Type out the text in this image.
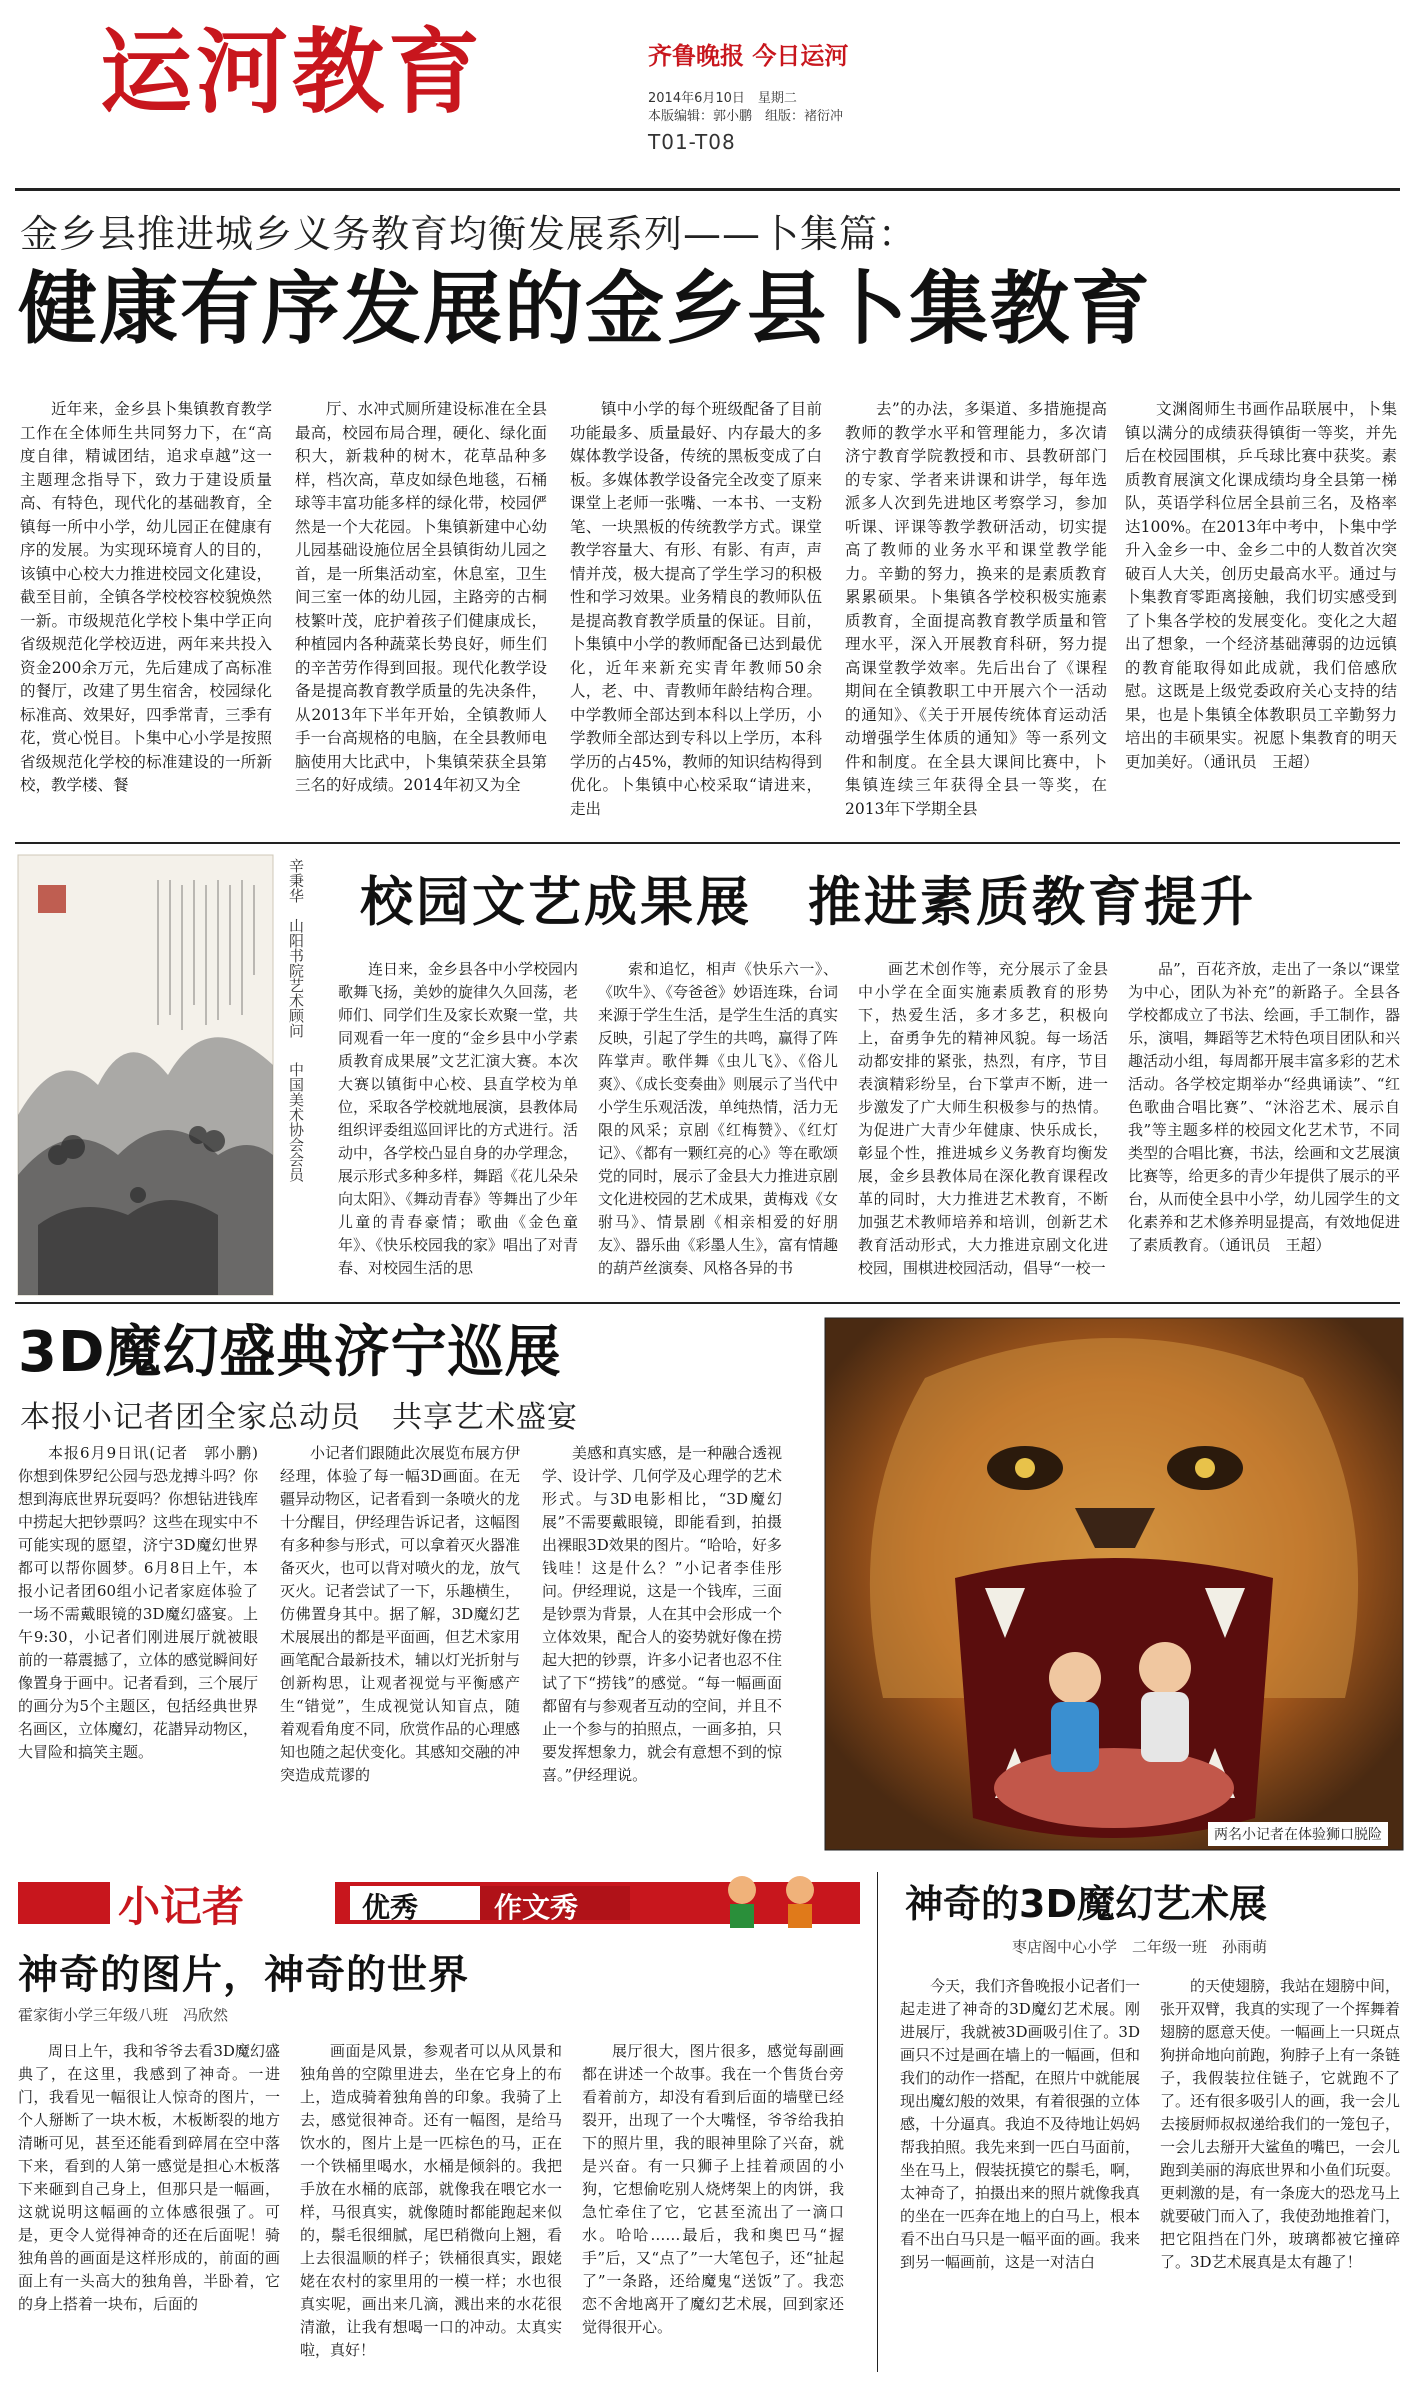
运河教育	齐鲁晚报 今日运河
2014年6月10日　星期二
本版编辑：郭小鹏　组版：褚衍冲
T01-T08
金乡县推进城乡义务教育均衡发展系列——卜集篇：
健康有序发展的金乡县卜集教育
近年来，金乡县卜集镇教育教学工作在全体师生共同努力下，在“高度自律，精诚团结，追求卓越”这一主题理念指导下，致力于建设质量高、有特色，现代化的基础教育，全镇每一所中小学，幼儿园正在健康有序的发展。为实现环境育人的目的，该镇中心校大力推进校园文化建设，截至目前，全镇各学校校容校貌焕然一新。市级规范化学校卜集中学正向省级规范化学校迈进，两年来共投入资金200余万元，先后建成了高标准的餐厅，改建了男生宿舍，校园绿化标准高、效果好，四季常青，三季有花，赏心悦目。卜集中心小学是按照省级规范化学校的标准建设的一所新校，教学楼、餐
厅、水冲式厕所建设标准在全县最高，校园布局合理，硬化、绿化面积大，新栽种的树木，花草品种多样，档次高，草皮如绿色地毯，石桶球等丰富功能多样的绿化带，校园俨然是一个大花园。卜集镇新建中心幼儿园基础设施位居全县镇街幼儿园之首，是一所集活动室，休息室，卫生间三室一体的幼儿园，主路旁的古桐枝繁叶茂，庇护着孩子们健康成长，种植园内各种蔬菜长势良好，师生们的辛苦劳作得到回报。现代化教学设备是提高教育教学质量的先决条件，从2013年下半年开始，全镇教师人手一台高规格的电脑，在全县教师电脑使用大比武中，卜集镇荣获全县第三名的好成绩。2014年初又为全
镇中小学的每个班级配备了目前功能最多、质量最好、内存最大的多媒体教学设备，传统的黑板变成了白板。多媒体教学设备完全改变了原来课堂上老师一张嘴、一本书、一支粉笔、一块黑板的传统教学方式。课堂教学容量大、有形、有影、有声，声情并茂，极大提高了学生学习的积极性和学习效果。业务精良的教师队伍是提高教育教学质量的保证。目前，卜集镇中小学的教师配备已达到最优化，近年来新充实青年教师50余人，老、中、青教师年龄结构合理。中学教师全部达到本科以上学历，小学教师全部达到专科以上学历，本科学历的占45%，教师的知识结构得到优化。卜集镇中心校采取“请进来，走出
去”的办法，多渠道、多措施提高教师的教学水平和管理能力，多次请济宁教育学院教授和市、县教研部门的专家、学者来讲课和讲学，每年选派多人次到先进地区考察学习，参加听课、评课等教学教研活动，切实提高了教师的业务水平和课堂教学能力。辛勤的努力，换来的是素质教育累累硕果。卜集镇各学校积极实施素质教育，全面提高教育教学质量和管理水平，深入开展教育科研，努力提高课堂教学效率。先后出台了《课程期间在全镇教职工中开展六个一活动的通知》、《关于开展传统体育运动活动增强学生体质的通知》等一系列文件和制度。在全县大课间比赛中，卜集镇连续三年获得全县一等奖，在2013年下学期全县
文渊阁师生书画作品联展中，卜集镇以满分的成绩获得镇街一等奖，并先后在校园围棋，乒乓球比赛中获奖。素质教育展演文化课成绩均身全县第一梯队，英语学科位居全县前三名，及格率达100%。在2013年中考中，卜集中学升入金乡一中、金乡二中的人数首次突破百人大关，创历史最高水平。通过与卜集教育零距离接触，我们切实感受到了卜集各学校的发展变化。变化之大超出了想象，一个经济基础薄弱的边远镇的教育能取得如此成就，我们倍感欣慰。这既是上级党委政府关心支持的结果，也是卜集镇全体教职员工辛勤努力培出的丰硕果实。祝愿卜集教育的明天更加美好。（通讯员　王超）
辛秉华　山阳书院艺术顾问中国美术协会会员
校园文艺成果展　推进素质教育提升
连日来，金乡县各中小学校园内歌舞飞扬，美妙的旋律久久回荡，老师们、同学们生及家长欢聚一堂，共同观看一年一度的“金乡县中小学素质教育成果展”文艺汇演大赛。本次大赛以镇街中心校、县直学校为单位，采取各学校就地展演，县教体局组织评委组巡回评比的方式进行。活动中，各学校凸显自身的办学理念，展示形式多种多样，舞蹈《花儿朵朵向太阳》、《舞动青春》等舞出了少年儿童的青春豪情；歌曲《金色童年》、《快乐校园我的家》唱出了对青春、对校园生活的思
索和追忆，相声《快乐六一》、《吹牛》、《夸爸爸》妙语连珠，台词来源于学生生活，是学生生活的真实反映，引起了学生的共鸣，赢得了阵阵掌声。歌伴舞《虫儿飞》、《俗儿爽》、《成长变奏曲》则展示了当代中小学生乐观活泼，单纯热情，活力无限的风采；京剧《红梅赞》、《红灯记》、《都有一颗红亮的心》等在歌颂党的同时，展示了金县大力推进京剧文化进校园的艺术成果，黄梅戏《女驸马》、情景剧《相亲相爱的好朋友》、器乐曲《彩墨人生》，富有情趣的葫芦丝演奏、风格各异的书
画艺术创作等，充分展示了金县中小学在全面实施素质教育的形势下，热爱生活，多才多艺，积极向上，奋勇争先的精神风貌。每一场活动都安排的紧张，热烈，有序，节目表演精彩纷呈，台下掌声不断，进一步激发了广大师生积极参与的热情。为促进广大青少年健康、快乐成长，彰显个性，推进城乡义务教育均衡发展，金乡县教体局在深化教育课程改革的同时，大力推进艺术教育，不断加强艺术教师培养和培训，创新艺术教育活动形式，大力推进京剧文化进校园，围棋进校园活动，倡导“一校一
品”，百花齐放，走出了一条以“课堂为中心，团队为补充”的新路子。全县各学校都成立了书法、绘画，手工制作，器乐，演唱，舞蹈等艺术特色项目团队和兴趣活动小组，每周都开展丰富多彩的艺术活动。各学校定期举办“经典诵读”、“红色歌曲合唱比赛”、“沐浴艺术、展示自我”等主题多样的校园文化艺术节，不同类型的合唱比赛，书法，绘画和文艺展演比赛等，给更多的青少年提供了展示的平台，从而使全县中小学，幼儿园学生的文化素养和艺术修养明显提高，有效地促进了素质教育。（通讯员　王超）
3D魔幻盛典济宁巡展
本报小记者团全家总动员　共享艺术盛宴
本报6月9日讯(记者　郭小鹏)　你想到侏罗纪公园与恐龙搏斗吗？你想到海底世界玩耍吗？你想钻进钱库中捞起大把钞票吗？这些在现实中不可能实现的愿望，济宁3D魔幻世界都可以帮你圆梦。6月8日上午，本报小记者团60组小记者家庭体验了一场不需戴眼镜的3D魔幻盛宴。上午9:30，小记者们刚进展厅就被眼前的一幕震撼了，立体的感觉瞬间好像置身于画中。记者看到，三个展厅的画分为5个主题区，包括经典世界名画区，立体魔幻，花譛异动物区，大冒险和搞笑主题。
小记者们跟随此次展览布展方伊经理，体验了每一幅3D画面。在无疆异动物区，记者看到一条喷火的龙十分醒目，伊经理告诉记者，这幅图有多种参与形式，可以拿着灭火器准备灭火，也可以背对喷火的龙，放气灭火。记者尝试了一下，乐趣横生，仿佛置身其中。据了解，3D魔幻艺术展展出的都是平面画，但艺术家用画笔配合最新技术，辅以灯光折射与创新构思，让观者视觉与平衡感产生“错觉”，生成视觉认知盲点，随着观看角度不同，欣赏作品的心理感知也随之起伏变化。其感知交融的冲突造成荒谬的
美感和真实感，是一种融合透视学、设计学、几何学及心理学的艺术形式。与3D电影相比，“3D魔幻展”不需要戴眼镜，即能看到，拍摄出裸眼3D效果的图片。“哈哈，好多钱哇！这是什么？”小记者李佳彤问。伊经理说，这是一个钱库，三面是钞票为背景，人在其中会形成一个立体效果，配合人的姿势就好像在捞起大把的钞票，许多小记者也忍不住试了下“捞钱”的感觉。“每一幅画面都留有与参观者互动的空间，并且不止一个参与的拍照点，一画多拍，只要发挥想象力，就会有意想不到的惊喜。”伊经理说。
两名小记者在体验狮口脱险
小记者	优秀	作文秀
神奇的图片，神奇的世界
霍家街小学三年级八班　冯欣然
周日上午，我和爷爷去看3D魔幻盛典了，在这里，我感到了神奇。一进门，我看见一幅很让人惊奇的图片，一个人掰断了一块木板，木板断裂的地方清晰可见，甚至还能看到碎屑在空中落下来，看到的人第一感觉是担心木板落下来砸到自己身上，但那只是一幅画，这就说明这幅画的立体感很强了。可是，更令人觉得神奇的还在后面呢！骑独角兽的画面是这样形成的，前面的画面上有一头高大的独角兽，半卧着，它的身上搭着一块布，后面的
画面是风景，参观者可以从风景和独角兽的空隙里进去，坐在它身上的布上，造成骑着独角兽的印象。我骑了上去，感觉很神奇。还有一幅图，是给马饮水的，图片上是一匹棕色的马，正在一个铁桶里喝水，水桶是倾斜的。我把手放在水桶的底部，就像我在喂它水一样，马很真实，就像随时都能跑起来似的，鬃毛很细腻，尾巴稍微向上翘，看上去很温顺的样子；铁桶很真实，跟姥姥在农村的家里用的一模一样；水也很真实呢，画出来几滴，溅出来的水花很清澈，让我有想喝一口的冲动。太真实啦，真好！
展厅很大，图片很多，感觉每副画都在讲述一个故事。我在一个售货台旁看着前方，却没有看到后面的墙壁已经裂开，出现了一个大嘴怪，爷爷给我拍下的照片里，我的眼神里除了兴奋，就是兴奋。有一只狮子上挂着顽固的小狗，它想偷吃别人烧烤架上的肉饼，我急忙牵住了它，它甚至流出了一滴口水。哈哈……最后，我和奥巴马“握手”后，又“点了”一大笔包子，还“扯起了”一条路，还给魔鬼“送饭”了。我恋恋不舍地离开了魔幻艺术展，回到家还觉得很开心。
神奇的3D魔幻艺术展
枣店阁中心小学　二年级一班　孙雨萌
今天，我们齐鲁晚报小记者们一起走进了神奇的3D魔幻艺术展。刚进展厅，我就被3D画吸引住了。3D画只不过是画在墙上的一幅画，但和我们的动作一搭配，在照片中就能展现出魔幻般的效果，有着很强的立体感，十分逼真。我迫不及待地让妈妈帮我拍照。我先来到一匹白马面前，坐在马上，假装抚摸它的鬃毛，啊，太神奇了，拍摄出来的照片就像我真的坐在一匹奔在地上的白马上，根本看不出白马只是一幅平面的画。我来到另一幅画前，这是一对洁白
的天使翅膀，我站在翅膀中间，张开双臂，我真的实现了一个挥舞着翅膀的愿意天使。一幅画上一只斑点狗拼命地向前跑，狗脖子上有一条链子，我假装拉住链子，它就跑不了了。还有很多吸引人的画，我一会儿去接厨师叔叔递给我们的一笼包子，一会儿去掰开大鲨鱼的嘴巴，一会儿跑到美丽的海底世界和小鱼们玩耍。更刺激的是，有一条庞大的恐龙马上就要破门而入了，我使劲地推着门，把它阻挡在门外，玻璃都被它撞碎了。3D艺术展真是太有趣了！
